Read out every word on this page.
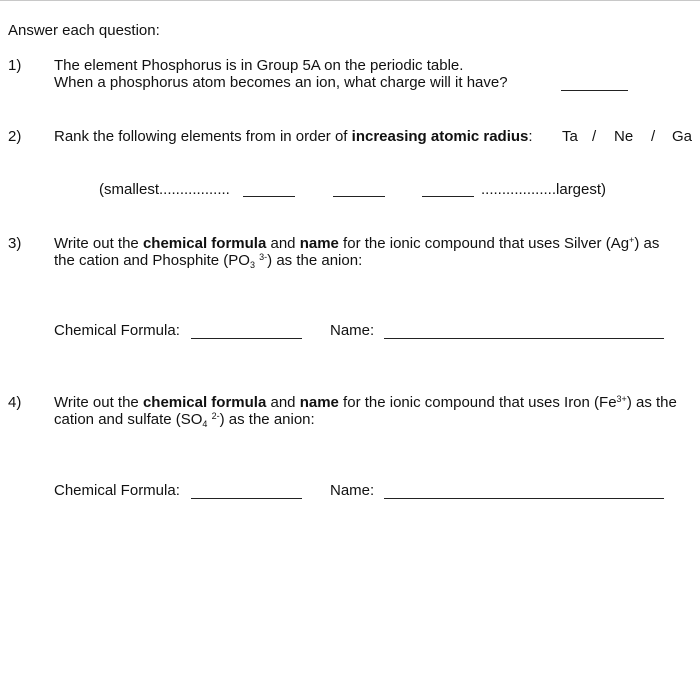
Answer each question:
1) The element Phosphorus is in Group 5A on the periodic table.
When a phosphorus atom becomes an ion, what charge will it have?
2) Rank the following elements from in order of increasing atomic radius: Ta / Ne / Ga
(smallest.................	..................largest)
3) Write out the chemical formula and name for the ionic compound that uses Silver (Ag+) as
the cation and Phosphite ($PO_3$ $^{3-}$) as the anion:
Chemical Formula:	Name:
4) Write out the chemical formula and name for the ionic compound that uses Iron $(Fe^{3+})$ as the
cation and sulfate ($SO_4$ $^{2-}$) as the anion:
Chemical Formula:	Name:
